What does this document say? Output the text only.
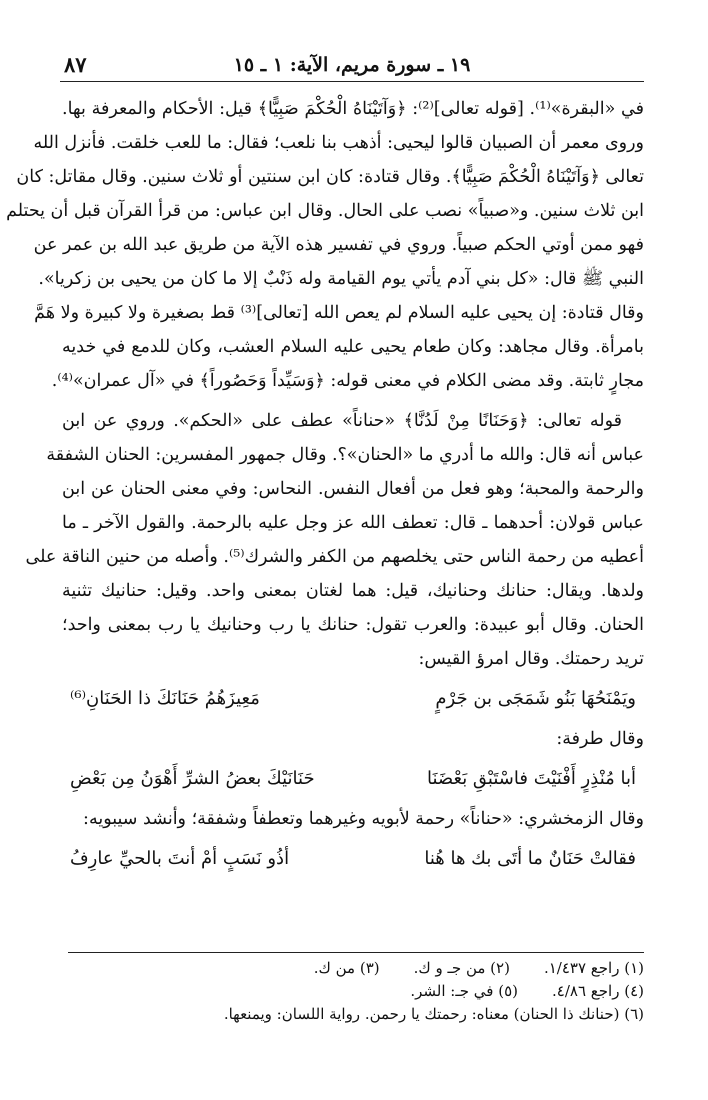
١٩ ـ سورة مريم، الآية: ١ ـ ١٥
٨٧
في «البقرة»⁽¹⁾. [قوله تعالى]⁽²⁾: ﴿وَآتَيْنَاهُ الْحُكْمَ صَبِيًّا﴾ قيل: الأحكام والمعرفة بها.
وروى معمر أن الصبيان قالوا ليحيى: أذهب بنا نلعب؛ فقال: ما للعب خلقت. فأنزل الله
تعالى ﴿وَآتَيْنَاهُ الْحُكْمَ صَبِيًّا﴾. وقال قتادة: كان ابن سنتين أو ثلاث سنين. وقال مقاتل: كان
ابن ثلاث سنين. و«صبياً» نصب على الحال. وقال ابن عباس: من قرأ القرآن قبل أن يحتلم
فهو ممن أوتي الحكم صبياً. وروي في تفسير هذه الآية من طريق عبد الله بن عمر عن
النبي ﷺ قال: «كل بني آدم يأتي يوم القيامة وله ذَنْبٌ إلا ما كان من يحيى بن زكريا».
وقال قتادة: إن يحيى عليه السلام لم يعص الله [تعالى]⁽³⁾ قط بصغيرة ولا كبيرة ولا هَمَّ
بامرأة. وقال مجاهد: وكان طعام يحيى عليه السلام العشب، وكان للدمع في خديه
مجارٍ ثابتة. وقد مضى الكلام في معنى قوله: ﴿وَسَيِّداً وَحَصُوراً﴾ في «آل عمران»⁽⁴⁾.
قوله تعالى: ﴿وَحَنَانًا مِنْ لَدُنَّا﴾ «حناناً» عطف على «الحكم». وروي عن ابن
عباس أنه قال: والله ما أدري ما «الحنان»؟. وقال جمهور المفسرين: الحنان الشفقة
والرحمة والمحبة؛ وهو فعل من أفعال النفس. النحاس: وفي معنى الحنان عن ابن
عباس قولان: أحدهما ـ قال: تعطف الله عز وجل عليه بالرحمة. والقول الآخر ـ ما
أعطيه من رحمة الناس حتى يخلصهم من الكفر والشرك⁽⁵⁾. وأصله من حنين الناقة على
ولدها. ويقال: حنانك وحنانيك، قيل: هما لغتان بمعنى واحد. وقيل: حنانيك تثنية
الحنان. وقال أبو عبيدة: والعرب تقول: حنانك يا رب وحنانيك يا رب بمعنى واحد؛
تريد رحمتك. وقال امرؤ القيس:
ويَمْنَحُهَا بَنُو شَمَجَى بن جَرْمٍ
مَعِيزَهُمُ حَنَانَكَ ذا الحَنَانِ⁽⁶⁾
وقال طرفة:
أبا مُنْذِرٍ أَفْنَيْتَ فاسْتَبْقِ بَعْضَنَا
حَنَانَيْكَ بعضُ الشرِّ أَهْوَنُ مِن بَعْضِ
وقال الزمخشري: «حناناً» رحمة لأبويه وغيرهما وتعطفاً وشفقة؛ وأنشد سيبويه:
فقالتْ حَنَانٌ ما أتَى بك ها هُنا
أذُو نَسَبٍ أمْ أنتَ بالحيِّ عارِفُ
(١) راجع ١/٤٣٧.
(٢) من جـ و ك.
(٣) من ك.
(٤) راجع ٤/٨٦.
(٥) في جـ: الشر.
(٦) (حنانك ذا الحنان) معناه: رحمتك يا رحمن. رواية اللسان: ويمنعها.
